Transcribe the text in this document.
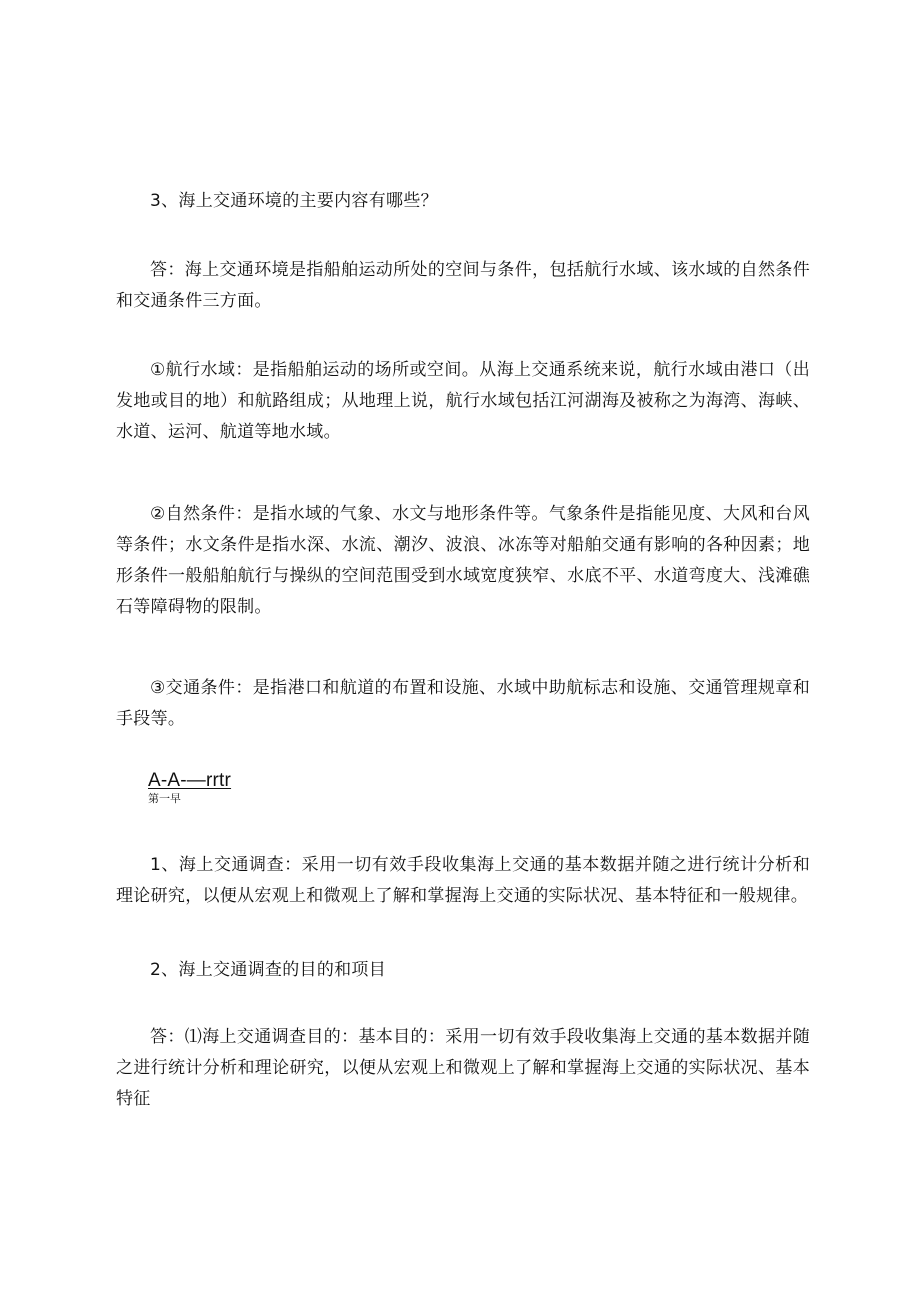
3、海上交通环境的主要内容有哪些？

答：海上交通环境是指船舶运动所处的空间与条件，包括航行水域、该水域的自然条件和交通条件三方面。

①航行水域：是指船舶运动的场所或空间。从海上交通系统来说，航行水域由港口（出发地或目的地）和航路组成；从地理上说，航行水域包括江河湖海及被称之为海湾、海峡、水道、运河、航道等地水域。

②自然条件：是指水域的气象、水文与地形条件等。气象条件是指能见度、大风和台风等条件；水文条件是指水深、水流、潮汐、波浪、冰冻等对船舶交通有影响的各种因素；地形条件一般船舶航行与操纵的空间范围受到水域宽度狭窄、水底不平、水道弯度大、浅滩礁石等障碍物的限制。

③交通条件：是指港口和航道的布置和设施、水域中助航标志和设施、交通管理规章和手段等。

A-A-—rrtr
第一早

1、海上交通调查：采用一切有效手段收集海上交通的基本数据并随之进行统计分析和理论研究，以便从宏观上和微观上了解和掌握海上交通的实际状况、基本特征和一般规律。

2、海上交通调查的目的和项目

答：⑴海上交通调查目的：基本目的：采用一切有效手段收集海上交通的基本数据并随之进行统计分析和理论研究，以便从宏观上和微观上了解和掌握海上交通的实际状况、基本特征
